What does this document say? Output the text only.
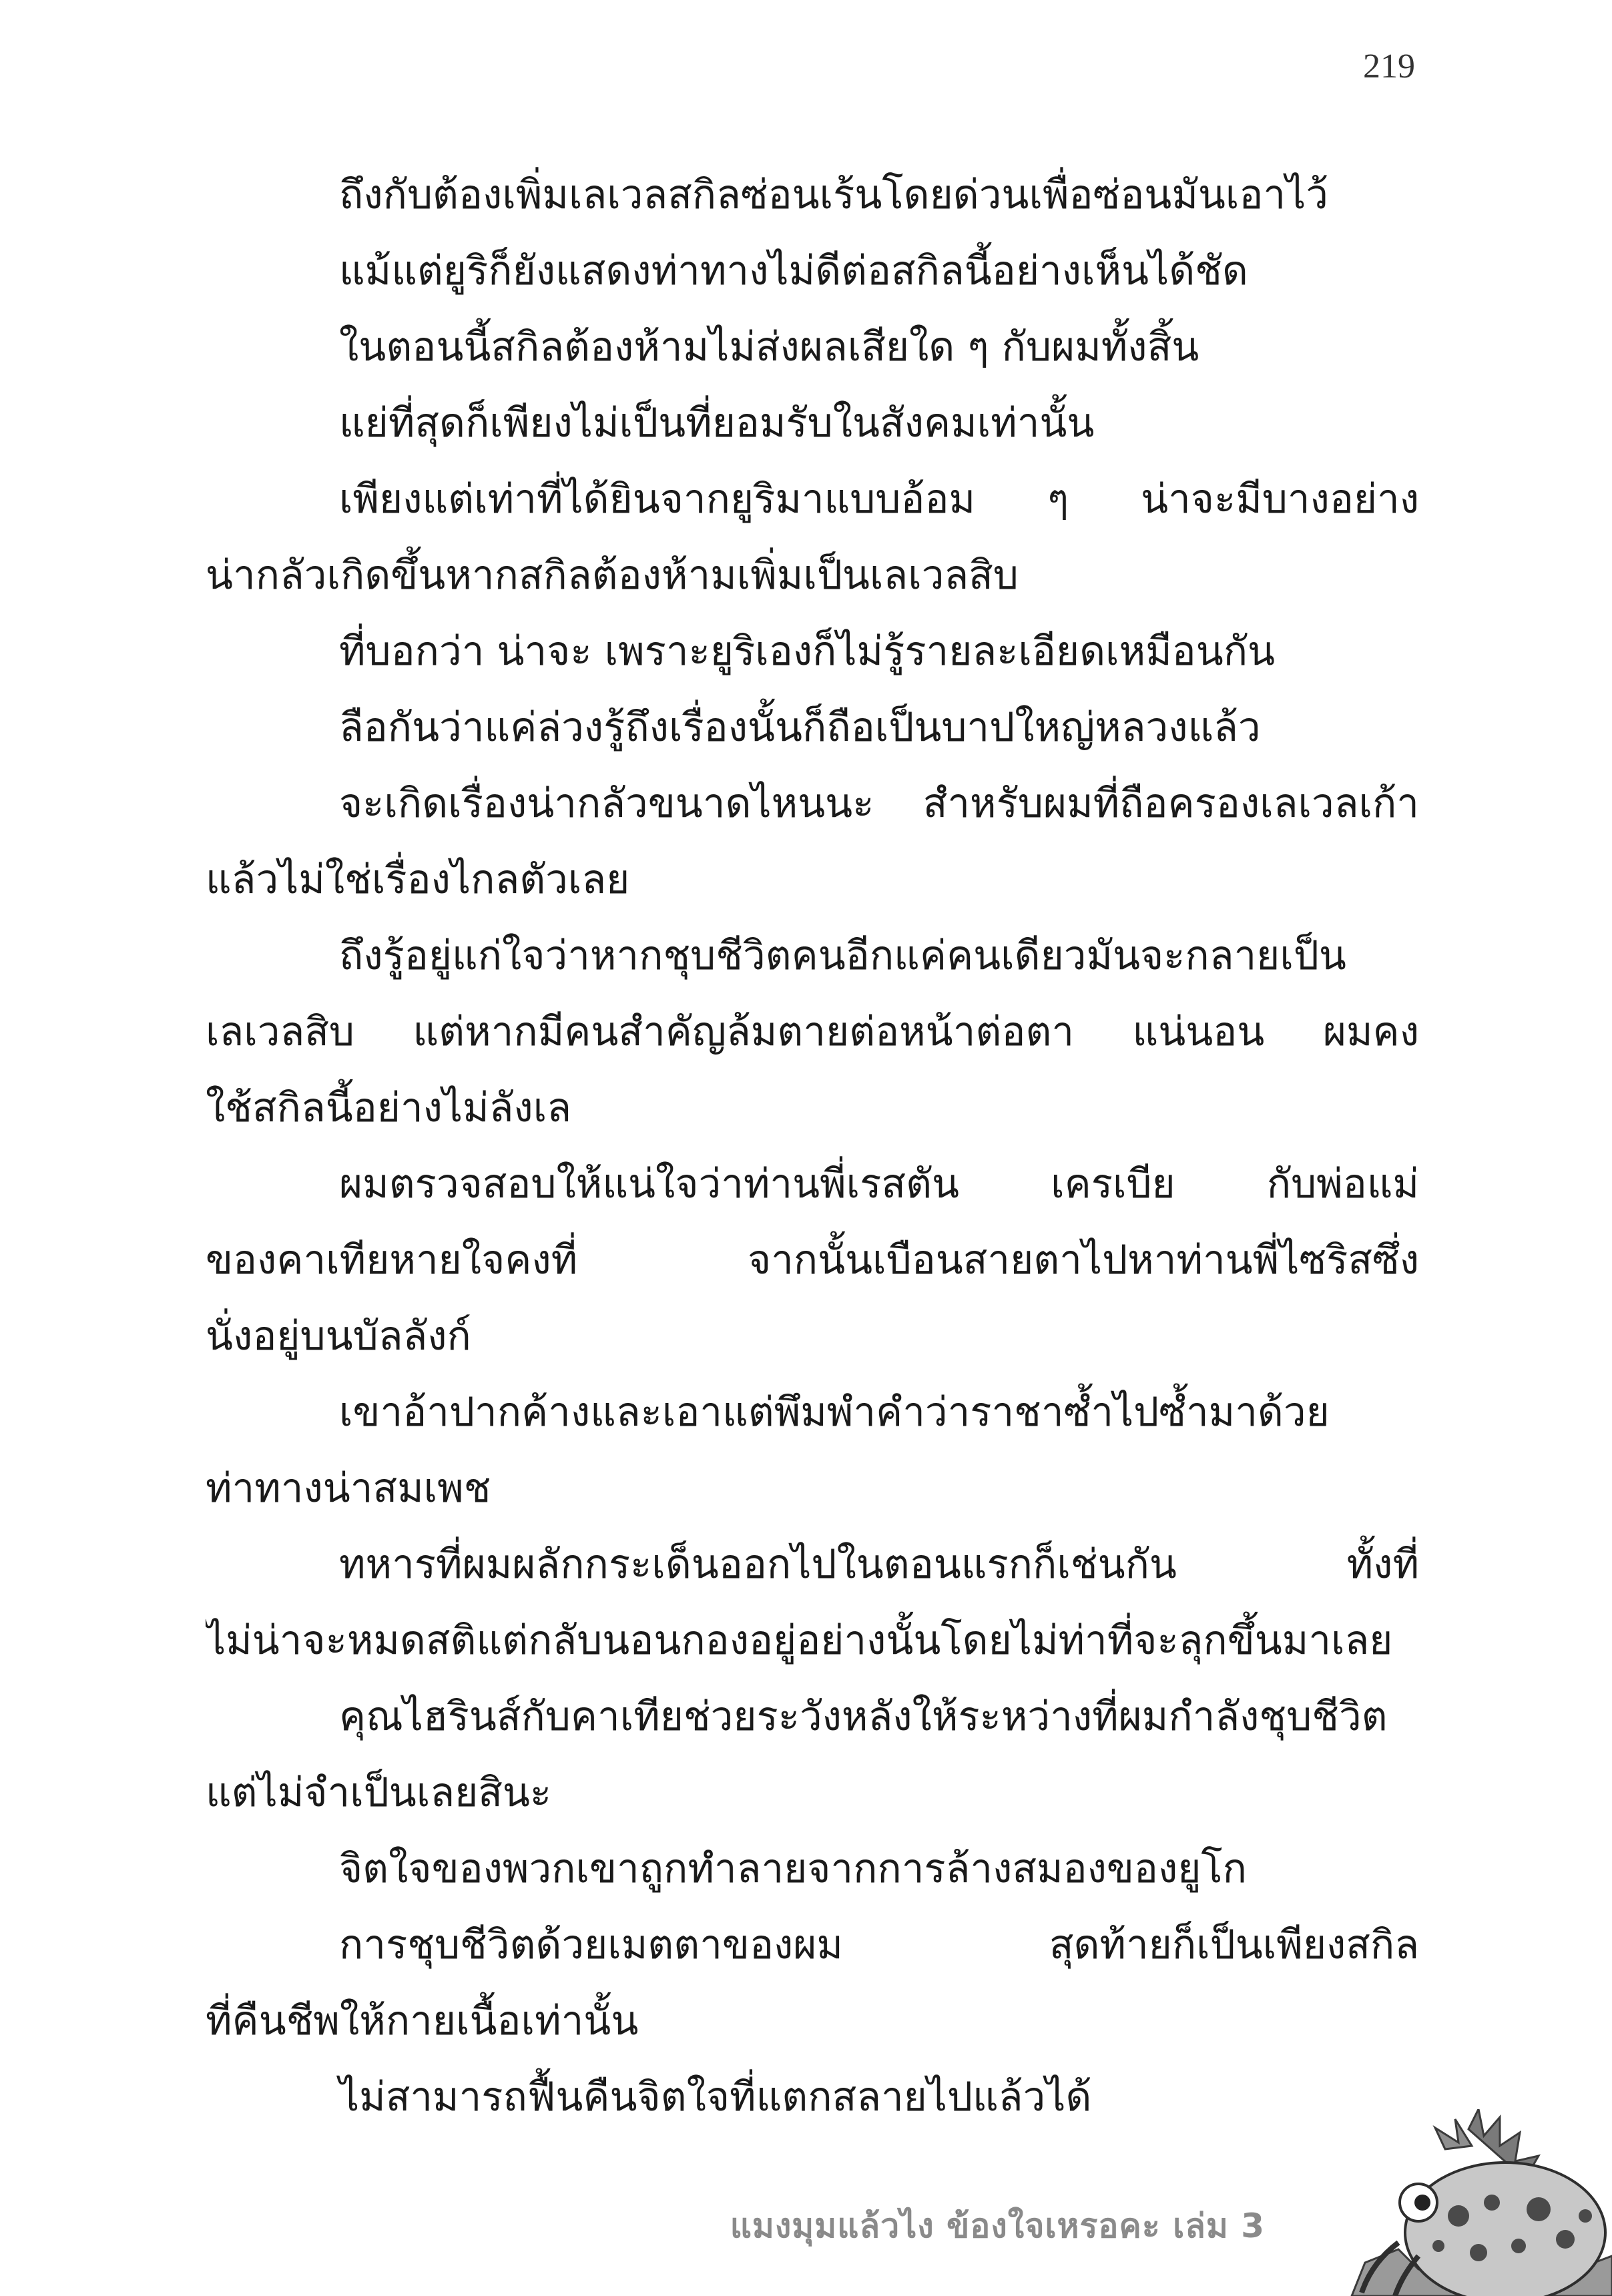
219
ถึงกับต้องเพิ่มเลเวลสกิลซ่อนเร้นโดยด่วนเพื่อซ่อนมันเอาไว้
แม้แต่ยูริก็ยังแสดงท่าทางไม่ดีต่อสกิลนี้อย่างเห็นได้ชัด
ในตอนนี้สกิลต้องห้ามไม่ส่งผลเสียใด ๆ กับผมทั้งสิ้น
แย่ที่สุดก็เพียงไม่เป็นที่ยอมรับในสังคมเท่านั้น
เพียงแต่เท่าที่ได้ยินจากยูริมาแบบอ้อม ๆ น่าจะมีบางอย่าง
น่ากลัวเกิดขึ้นหากสกิลต้องห้ามเพิ่มเป็นเลเวลสิบ
ที่บอกว่า น่าจะ เพราะยูริเองก็ไม่รู้รายละเอียดเหมือนกัน
ลือกันว่าแค่ล่วงรู้ถึงเรื่องนั้นก็ถือเป็นบาปใหญ่หลวงแล้ว
จะเกิดเรื่องน่ากลัวขนาดไหนนะ สำหรับผมที่ถือครองเลเวลเก้า
แล้วไม่ใช่เรื่องไกลตัวเลย
ถึงรู้อยู่แก่ใจว่าหากชุบชีวิตคนอีกแค่คนเดียวมันจะกลายเป็น
เลเวลสิบ แต่หากมีคนสำคัญล้มตายต่อหน้าต่อตา แน่นอน ผมคง
ใช้สกิลนี้อย่างไม่ลังเล
ผมตรวจสอบให้แน่ใจว่าท่านพี่เรสตัน เครเบีย กับพ่อแม่
ของคาเทียหายใจคงที่ จากนั้นเบือนสายตาไปหาท่านพี่ไซริสซึ่ง
นั่งอยู่บนบัลลังก์
เขาอ้าปากค้างและเอาแต่พึมพำคำว่าราชาซ้ำไปซ้ำมาด้วย
ท่าทางน่าสมเพช
ทหารที่ผมผลักกระเด็นออกไปในตอนแรกก็เช่นกัน ทั้งที่
ไม่น่าจะหมดสติแต่กลับนอนกองอยู่อย่างนั้นโดยไม่ท่าที่จะลุกขึ้นมาเลย
คุณไฮรินส์กับคาเทียช่วยระวังหลังให้ระหว่างที่ผมกำลังชุบชีวิต
แต่ไม่จำเป็นเลยสินะ
จิตใจของพวกเขาถูกทำลายจากการล้างสมองของยูโก
การชุบชีวิตด้วยเมตตาของผม สุดท้ายก็เป็นเพียงสกิล
ที่คืนชีพให้กายเนื้อเท่านั้น
ไม่สามารถฟื้นคืนจิตใจที่แตกสลายไปแล้วได้
แมงมุมแล้วไง ข้องใจเหรอคะ เล่ม 3
